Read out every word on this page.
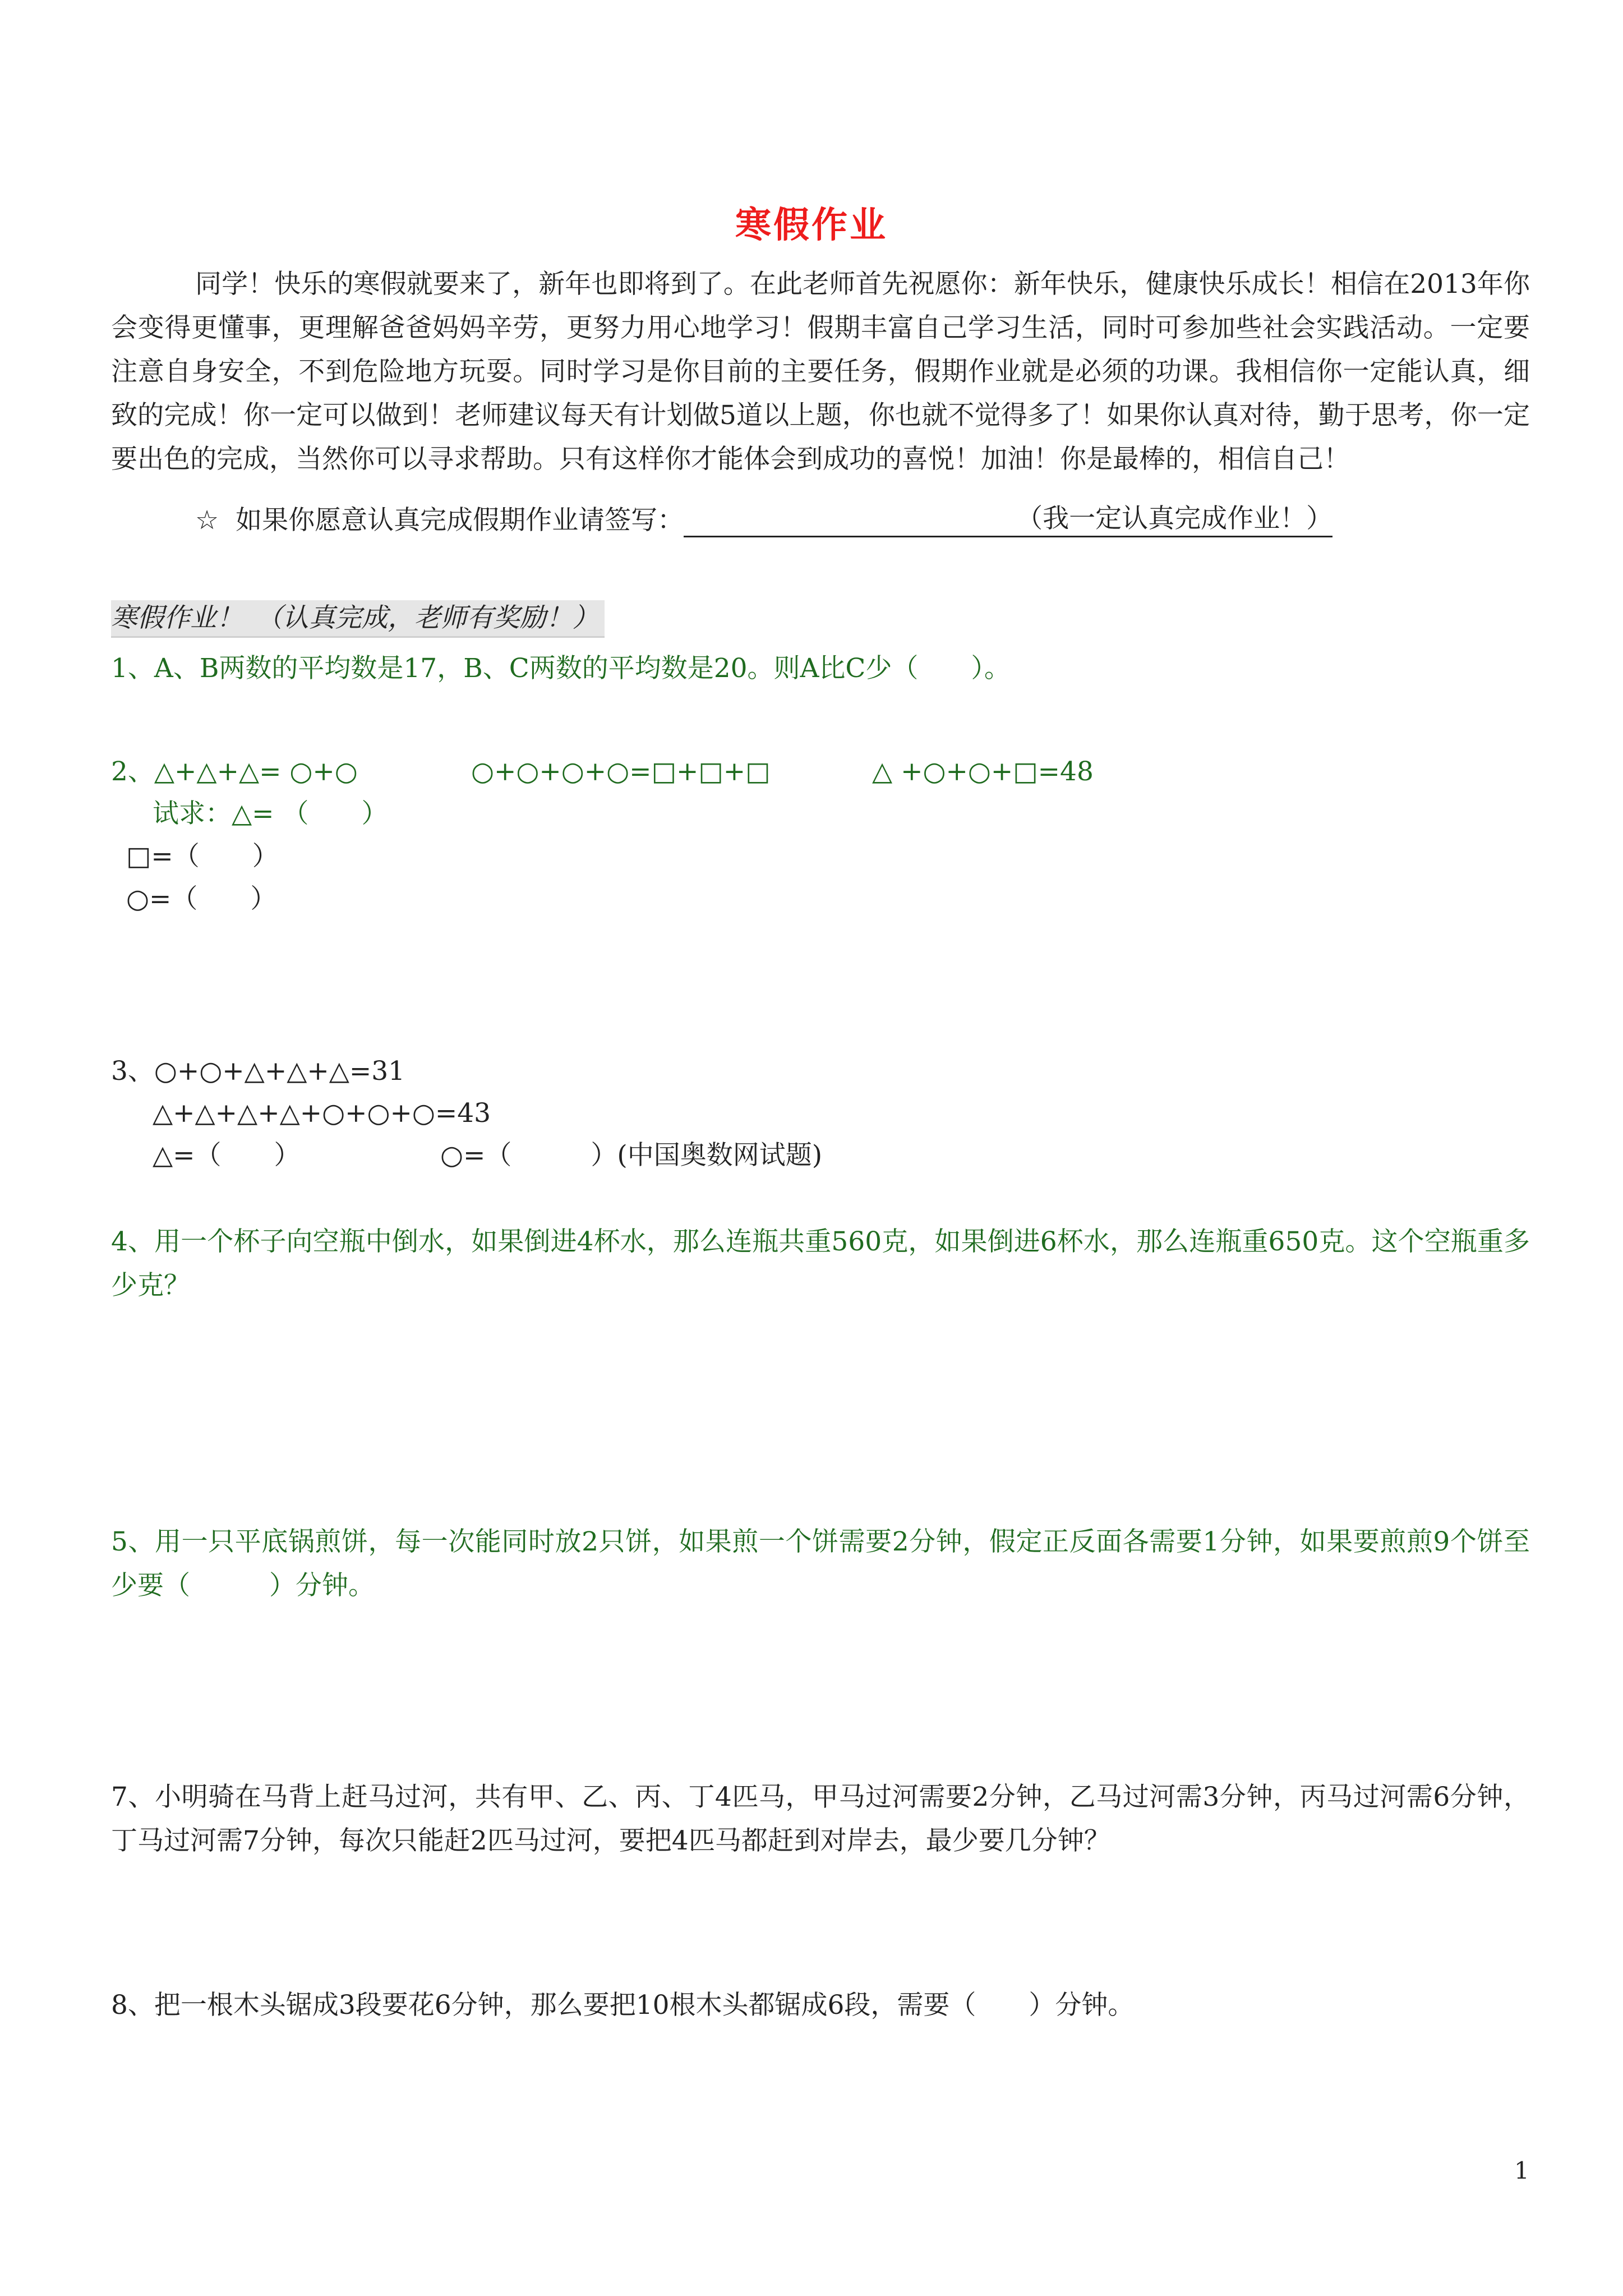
寒假作业
同学！快乐的寒假就要来了，新年也即将到了。在此老师首先祝愿你：新年快乐，健康快乐成长！相信在2013年你会变得更懂事，更理解爸爸妈妈辛劳，更努力用心地学习！假期丰富自己学习生活，同时可参加些社会实践活动。一定要注意自身安全，不到危险地方玩耍。同时学习是你目前的主要任务，假期作业就是必须的功课。我相信你一定能认真，细致的完成！你一定可以做到！老师建议每天有计划做5道以上题，你也就不觉得多了！如果你认真对待，勤于思考，你一定要出色的完成，当然你可以寻求帮助。只有这样你才能体会到成功的喜悦！加油！你是最棒的，相信自己！
☆ 如果你愿意认真完成假期作业请签写：	（我一定认真完成作业！）
寒假作业！　（认真完成，老师有奖励！）
1、A、B两数的平均数是17，B、C两数的平均数是20。则A比C少（　　）。
2、△+△+△= ○+○	○+○+○+○=□+□+□	△ +○+○+□=48
试求：△= （　　）
□=（　　）
○=（　　）
3、○+○+△+△+△=31
△+△+△+△+○+○+○=43
△=（　　）	○=（　　　）(中国奥数网试题)
4、用一个杯子向空瓶中倒水，如果倒进4杯水，那么连瓶共重560克，如果倒进6杯水，那么连瓶重650克。这个空瓶重多少克？
5、用一只平底锅煎饼，每一次能同时放2只饼，如果煎一个饼需要2分钟，假定正反面各需要1分钟，如果要煎煎9个饼至少要（　　　）分钟。
7、小明骑在马背上赶马过河，共有甲、乙、丙、丁4匹马，甲马过河需要2分钟，乙马过河需3分钟，丙马过河需6分钟，丁马过河需7分钟，每次只能赶2匹马过河，要把4匹马都赶到对岸去，最少要几分钟？
8、把一根木头锯成3段要花6分钟，那么要把10根木头都锯成6段，需要（　　）分钟。
1
